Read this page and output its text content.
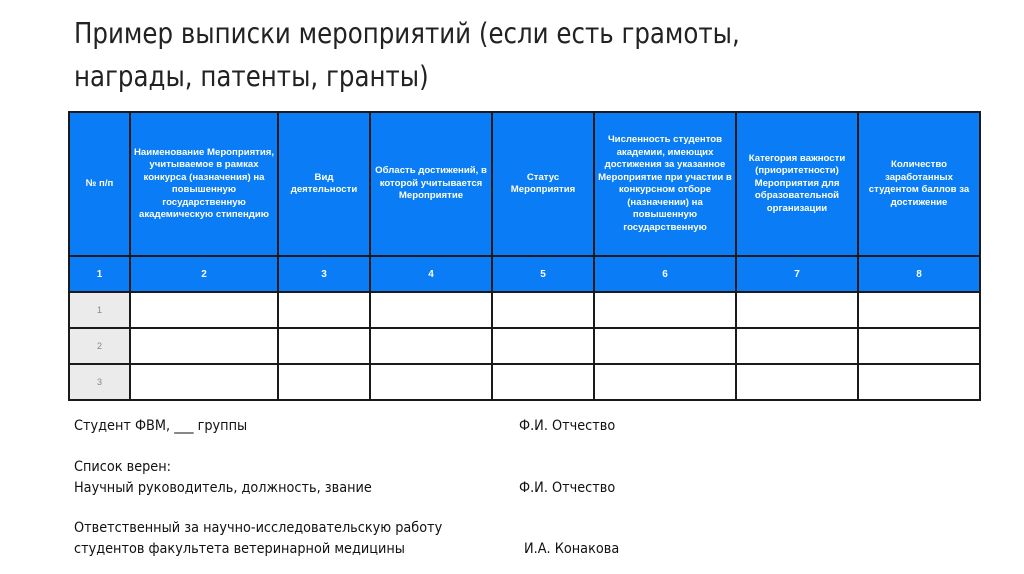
Пример выписки мероприятий (если есть грамоты, награды, патенты, гранты)
№ п/п	Наименование Мероприятия, учитываемое в рамках конкурса (назначения) на повышенную государственную академическую стипендию	Вид деятельности	Область достижений, в которой учитывается Мероприятие	Статус Мероприятия	Численность студентов академии, имеющих достижения за указанное Мероприятие при участии в конкурсном отборе (назначении) на повышенную государственную	Категория важности (приоритетности) Мероприятия для образовательной организации	Количество заработанных студентом баллов за достижение
1	2	3	4	5	6	7	8
1							
2							
3							
Студент ФВМ, ___ группы	Ф.И. Отчество
Список верен:
Научный руководитель, должность, звание	Ф.И. Отчество
Ответственный за научно-исследовательскую работу
студентов факультета ветеринарной медицины	И.А. Конакова
